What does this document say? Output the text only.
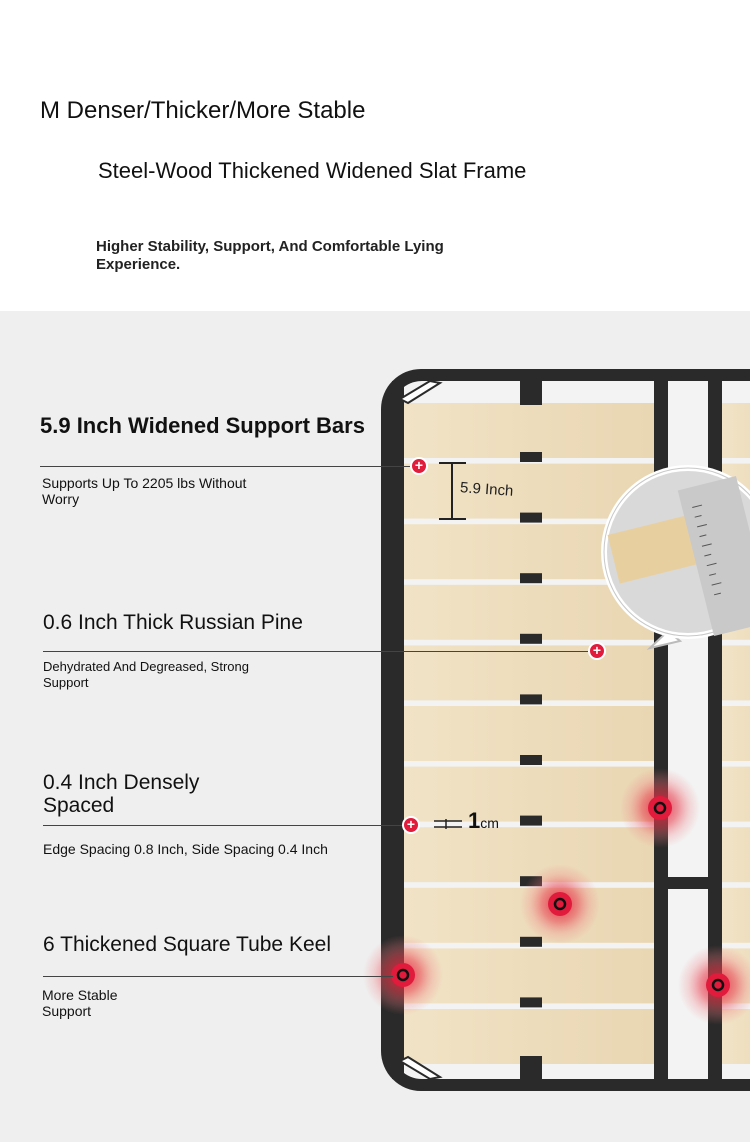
M Denser/Thicker/More Stable
Steel-Wood Thickened Widened Slat Frame
Higher Stability, Support, And Comfortable Lying Experience.
5.9 Inch Widened Support Bars
+
Supports Up To 2205 lbs Without Worry	5.9 Inch
0.6 Inch Thick Russian Pine
+
Dehydrated And Degreased, Strong Support
0.4 Inch Densely Spaced
+
Edge Spacing 0.8 Inch, Side Spacing 0.4 Inch
1cm
6 Thickened Square Tube Keel
More Stable Support
